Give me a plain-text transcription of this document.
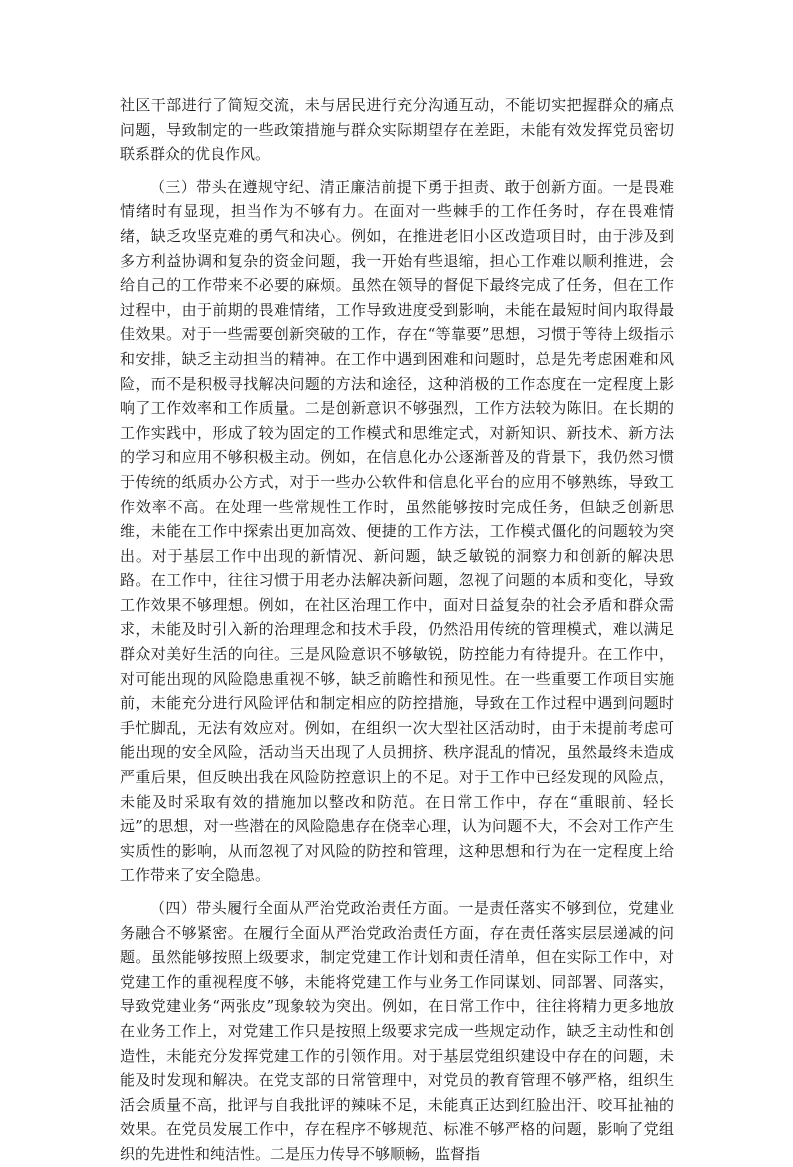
社区干部进行了简短交流，未与居民进行充分沟通互动，不能切实把握群众的痛点问题，导致制定的一些政策措施与群众实际期望存在差距，未能有效发挥党员密切联系群众的优良作风。

（三）带头在遵规守纪、清正廉洁前提下勇于担责、敢于创新方面。一是畏难情绪时有显现，担当作为不够有力。在面对一些棘手的工作任务时，存在畏难情绪，缺乏攻坚克难的勇气和决心。例如，在推进老旧小区改造项目时，由于涉及到多方利益协调和复杂的资金问题，我一开始有些退缩，担心工作难以顺利推进，会给自己的工作带来不必要的麻烦。虽然在领导的督促下最终完成了任务，但在工作过程中，由于前期的畏难情绪，工作导致进度受到影响，未能在最短时间内取得最佳效果。对于一些需要创新突破的工作，存在“等靠要”思想，习惯于等待上级指示和安排，缺乏主动担当的精神。在工作中遇到困难和问题时，总是先考虑困难和风险，而不是积极寻找解决问题的方法和途径，这种消极的工作态度在一定程度上影响了工作效率和工作质量。二是创新意识不够强烈，工作方法较为陈旧。在长期的工作实践中，形成了较为固定的工作模式和思维定式，对新知识、新技术、新方法的学习和应用不够积极主动。例如，在信息化办公逐渐普及的背景下，我仍然习惯于传统的纸质办公方式，对于一些办公软件和信息化平台的应用不够熟练，导致工作效率不高。在处理一些常规性工作时，虽然能够按时完成任务，但缺乏创新思维，未能在工作中探索出更加高效、便捷的工作方法，工作模式僵化的问题较为突出。对于基层工作中出现的新情况、新问题，缺乏敏锐的洞察力和创新的解决思路。在工作中，往往习惯于用老办法解决新问题，忽视了问题的本质和变化，导致工作效果不够理想。例如，在社区治理工作中，面对日益复杂的社会矛盾和群众需求，未能及时引入新的治理理念和技术手段，仍然沿用传统的管理模式，难以满足群众对美好生活的向往。三是风险意识不够敏锐，防控能力有待提升。在工作中，对可能出现的风险隐患重视不够，缺乏前瞻性和预见性。在一些重要工作项目实施前，未能充分进行风险评估和制定相应的防控措施，导致在工作过程中遇到问题时手忙脚乱，无法有效应对。例如，在组织一次大型社区活动时，由于未提前考虑可能出现的安全风险，活动当天出现了人员拥挤、秩序混乱的情况，虽然最终未造成严重后果，但反映出我在风险防控意识上的不足。对于工作中已经发现的风险点，未能及时采取有效的措施加以整改和防范。在日常工作中，存在“重眼前、轻长远”的思想，对一些潜在的风险隐患存在侥幸心理，认为问题不大，不会对工作产生实质性的影响，从而忽视了对风险的防控和管理，这种思想和行为在一定程度上给工作带来了安全隐患。

（四）带头履行全面从严治党政治责任方面。一是责任落实不够到位，党建业务融合不够紧密。在履行全面从严治党政治责任方面，存在责任落实层层递减的问题。虽然能够按照上级要求，制定党建工作计划和责任清单，但在实际工作中，对党建工作的重视程度不够，未能将党建工作与业务工作同谋划、同部署、同落实，导致党建业务“两张皮”现象较为突出。例如，在日常工作中，往往将精力更多地放在业务工作上，对党建工作只是按照上级要求完成一些规定动作，缺乏主动性和创造性，未能充分发挥党建工作的引领作用。对于基层党组织建设中存在的问题，未能及时发现和解决。在党支部的日常管理中，对党员的教育管理不够严格，组织生活会质量不高，批评与自我批评的辣味不足，未能真正达到红脸出汗、咬耳扯袖的效果。在党员发展工作中，存在程序不够规范、标准不够严格的问题，影响了党组织的先进性和纯洁性。二是压力传导不够顺畅，监督指
